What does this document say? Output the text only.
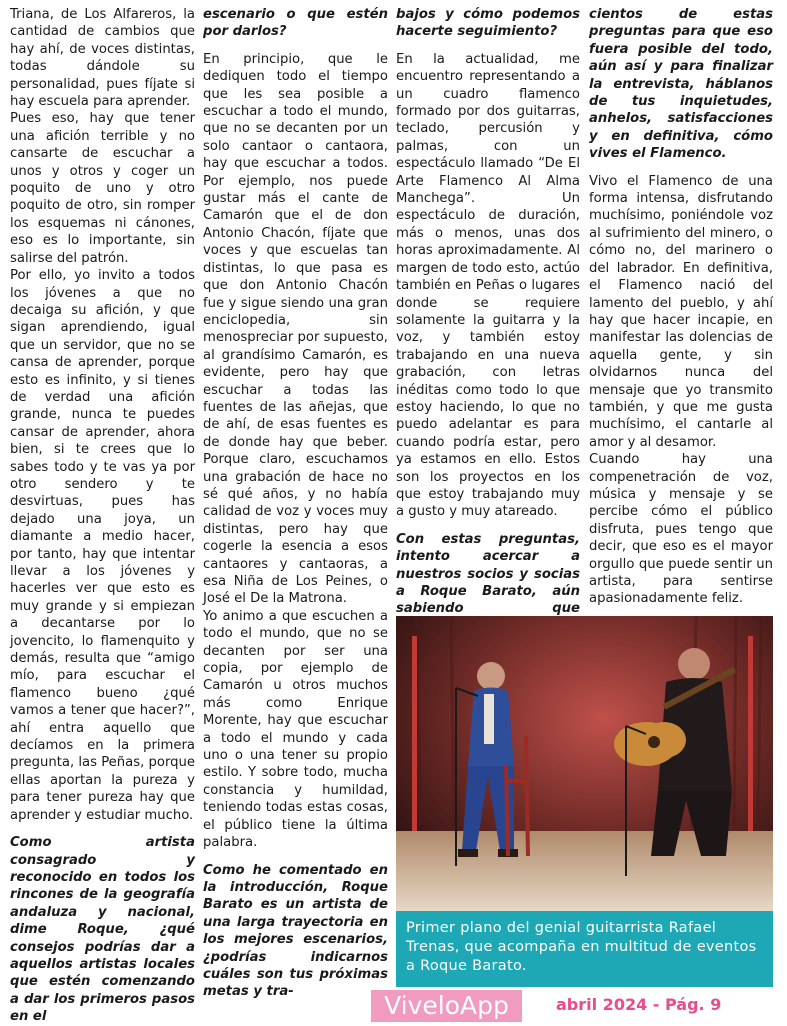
Triana, de Los Alfareros, la cantidad de cambios que hay ahí, de voces distintas, todas dándole su personalidad, pues fíjate si hay escuela para aprender.

Pues eso, hay que tener una afición terrible y no cansarte de escuchar a unos y otros y coger un poquito de uno y otro poquito de otro, sin romper los esquemas ni cánones, eso es lo importante, sin salirse del patrón.

Por ello, yo invito a todos los jóvenes a que no decaiga su afición, y que sigan aprendiendo, igual que un servidor, que no se cansa de aprender, porque esto es infinito, y si tienes de verdad una afición grande, nunca te puedes cansar de aprender, ahora bien, si te crees que lo sabes todo y te vas ya por otro sendero y te desvirtuas, pues has dejado una joya, un diamante a medio hacer, por tanto, hay que intentar llevar a los jóvenes y hacerles ver que esto es muy grande y si empiezan a decantarse por lo jovencito, lo flamenquito y demás, resulta que “amigo mío, para escuchar el flamenco bueno ¿qué vamos a tener que hacer?”, ahí entra aquello que decíamos en la primera pregunta, las Peñas, porque ellas aportan la pureza y para tener pureza hay que aprender y estudiar mucho.

Como artista consagrado y reconocido en todos los rincones de la geografía andaluza y nacional, dime Roque, ¿qué consejos podrías dar a aquellos artistas locales que estén comenzando a dar los primeros pasos en el

escenario o que estén por darlos?

En principio, que le dediquen todo el tiempo que les sea posible a escuchar a todo el mundo, que no se decanten por un solo cantaor o cantaora, hay que escuchar a todos. Por ejemplo, nos puede gustar más el cante de Camarón que el de don Antonio Chacón, fíjate que voces y que escuelas tan distintas, lo que pasa es que don Antonio Chacón fue y sigue siendo una gran enciclopedia, sin menospreciar por supuesto, al grandísimo Camarón, es evidente, pero hay que escuchar a todas las fuentes de las añejas, que de ahí, de esas fuentes es de donde hay que beber. Porque claro, escuchamos una grabación de hace no sé qué años, y no había calidad de voz y voces muy distintas, pero hay que cogerle la esencia a esos cantaores y cantaoras, a esa Niña de Los Peines, o José el De la Matrona.

Yo animo a que escuchen a todo el mundo, que no se decanten por ser una copia, por ejemplo de Camarón u otros muchos más como Enrique Morente, hay que escuchar a todo el mundo y cada uno o una tener su propio estilo. Y sobre todo, mucha constancia y humildad, teniendo todas estas cosas, el público tiene la última palabra.

Como he comentado en la introducción, Roque Barato es un artista de una larga trayectoria en los mejores escenarios, ¿podrías indicarnos cuáles son tus próximas metas y tra-

bajos y cómo podemos hacerte seguimiento?

En la actualidad, me encuentro representando a un cuadro flamenco formado por dos guitarras, teclado, percusión y palmas, con un espectáculo llamado “De El Arte Flamenco Al Alma Manchega”. Un espectáculo de duración, más o menos, unas dos horas aproximadamente. Al margen de todo esto, actúo también en Peñas o lugares donde se requiere solamente la guitarra y la voz, y también estoy trabajando en una nueva grabación, con letras inéditas como todo lo que estoy haciendo, lo que no puedo adelantar es para cuando podría estar, pero ya estamos en ello. Estos son los proyectos en los que estoy trabajando muy a gusto y muy atareado.

Con estas preguntas, intento acercar a nuestros socios y socias a Roque Barato, aún sabiendo que

cientos de estas preguntas para que eso fuera posible del todo, aún así y para finalizar la entrevista, háblanos de tus inquietudes, anhelos, satisfacciones y en definitiva, cómo vives el Flamenco.

Vivo el Flamenco de una forma intensa, disfrutando muchísimo, poniéndole voz al sufrimiento del minero, o cómo no, del marinero o del labrador. En definitiva, el Flamenco nació del lamento del pueblo, y ahí hay que hacer incapie, en manifestar las dolencias de aquella gente, y sin olvidarnos nunca del mensaje que yo transmito también, y que me gusta muchísimo, el cantarle al amor y al desamor.

Cuando hay una compenetración de voz, música y mensaje y se percibe cómo el público disfruta, pues tengo que decir, que eso es el mayor orgullo que puede sentir un artista, para sentirse apasionadamente feliz.

Primer plano del genial guitarrista Rafael Trenas, que acompaña en multitud de eventos a Roque Barato.
ViveloApp	abril 2024 - Pág. 9
